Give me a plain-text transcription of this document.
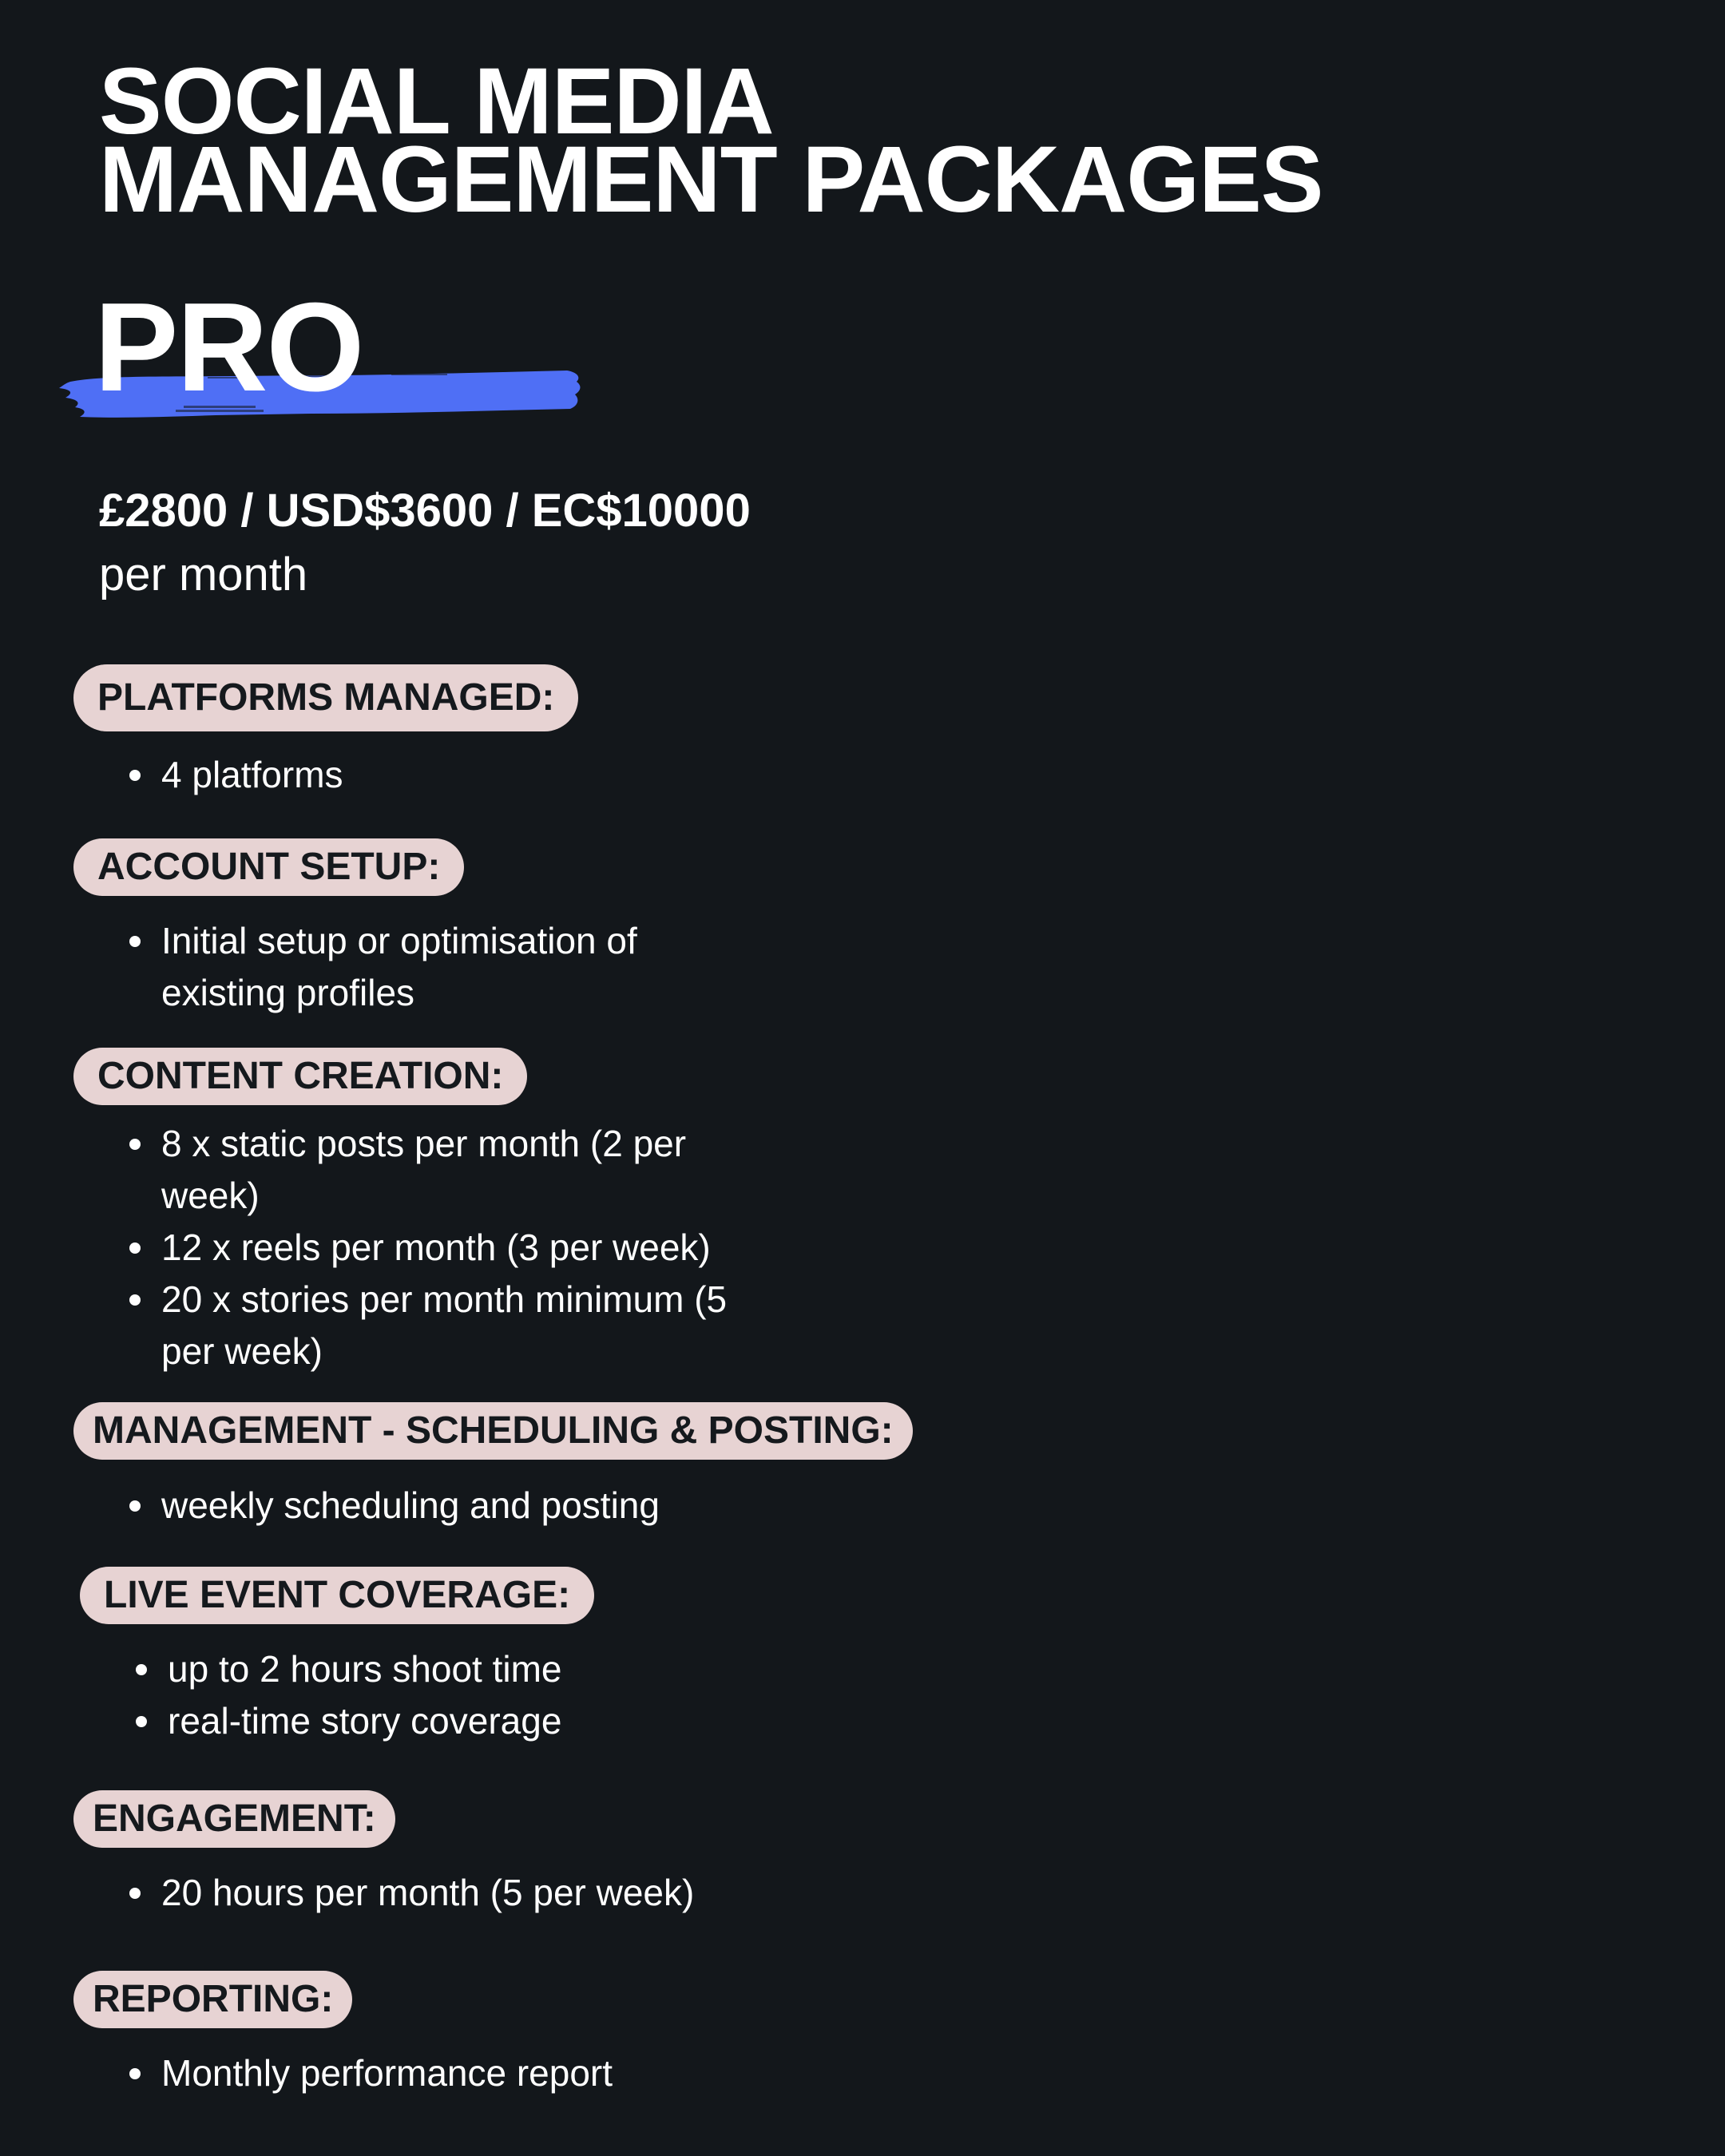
SOCIAL MEDIA
MANAGEMENT PACKAGES
PRO
£2800 / USD$3600 / EC$10000
per month
PLATFORMS MANAGED:
4 platforms
ACCOUNT SETUP:
Initial setup or optimisation of existing profiles
CONTENT CREATION:
8 x static posts per month (2 per week)
12 x reels per month (3 per week)
20 x stories per month minimum (5 per week)
MANAGEMENT - SCHEDULING & POSTING:
weekly scheduling and posting
LIVE EVENT COVERAGE:
up to 2 hours shoot time
real-time story coverage
ENGAGEMENT:
20 hours per month (5 per week)
REPORTING:
Monthly performance report
